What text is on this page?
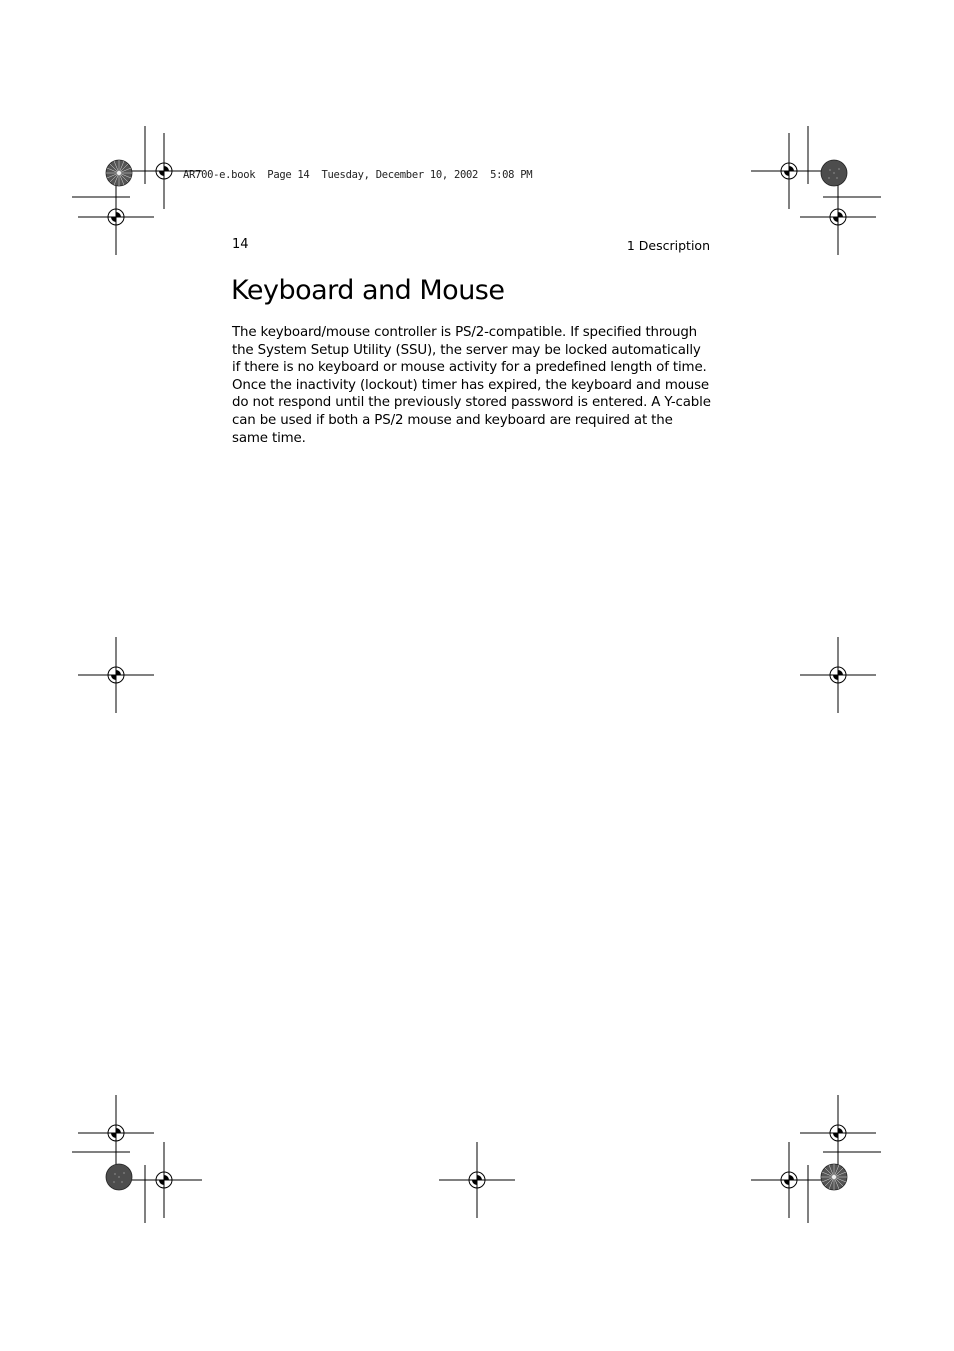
AR700-e.book  Page 14  Tuesday, December 10, 2002  5:08 PM
14	1 Description
Keyboard and Mouse

The keyboard/mouse controller is PS/2-compatible. If specified through the System Setup Utility (SSU), the server may be locked automatically if there is no keyboard or mouse activity for a predefined length of time. Once the inactivity (lockout) timer has expired, the keyboard and mouse do not respond until the previously stored password is entered. A Y-cable can be used if both a PS/2 mouse and keyboard are required at the same time.
